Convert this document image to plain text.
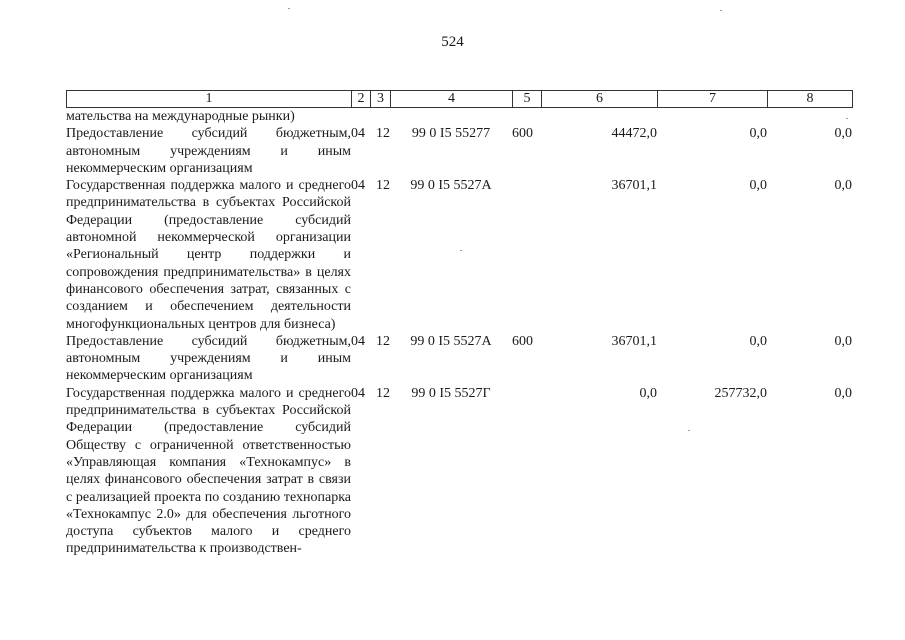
524
1	2	3	4	5	6	7	8
мательства на международные рынки)							
Предоставление субсидий бюджетным, автономным учреждениям и иным некоммерческим организациям	04	12	99 0 I5 55277	600	44472,0	0,0	0,0
Государственная поддержка малого и среднего предпринимательства в субъектах Российской Федерации (предоставление субсидий автономной некоммерческой организации «Региональный центр поддержки и сопровождения предпринимательства» в целях финансового обеспечения затрат, связанных с созданием и обеспечением деятельности многофункциональных центров для бизнеса)	04	12	99 0 I5 5527А		36701,1	0,0	0,0
Предоставление субсидий бюджетным, автономным учреждениям и иным некоммерческим организациям	04	12	99 0 I5 5527А	600	36701,1	0,0	0,0
Государственная поддержка малого и среднего предпринимательства в субъектах Российской Федерации (предоставление субсидий Обществу с ограниченной ответственностью «Управляющая компания «Технокампус» в целях финансового обеспечения затрат в связи с реализацией проекта по созданию технопарка «Технокампус 2.0» для обеспечения льготного доступа субъектов малого и среднего предпринимательства к производствен-	04	12	99 0 I5 5527Г		0,0	257732,0	0,0
